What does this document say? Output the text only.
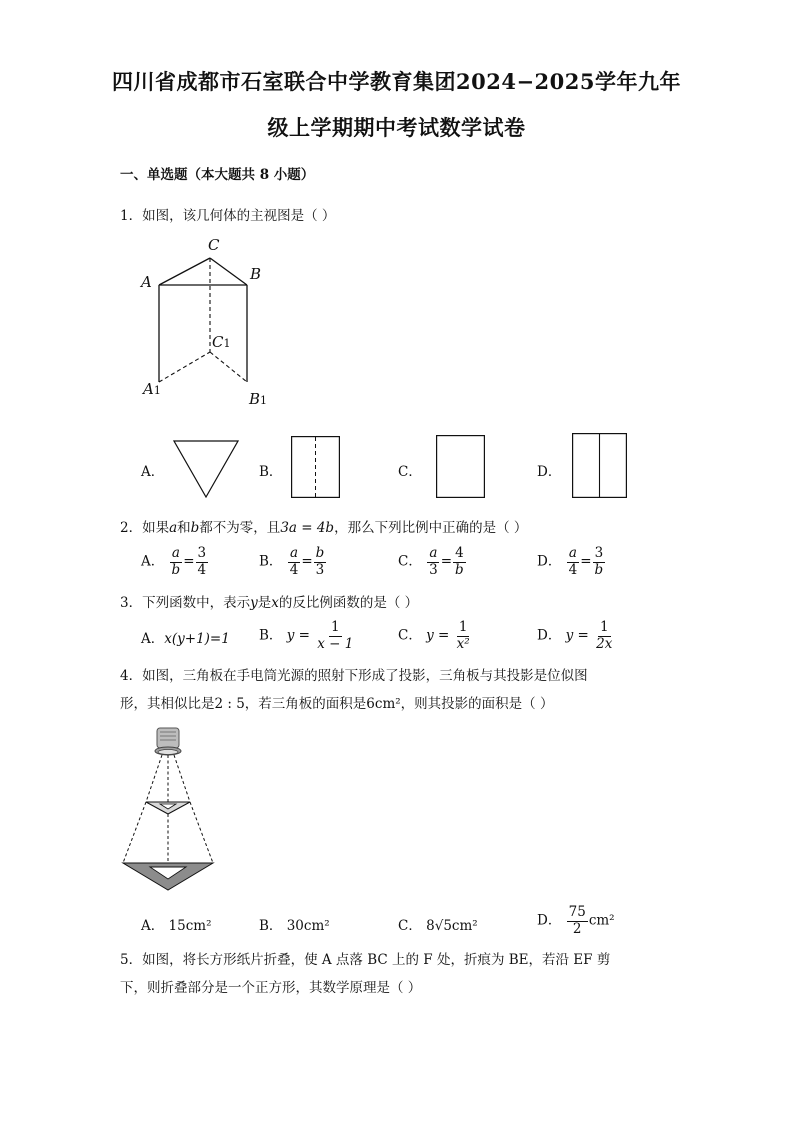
四川省成都市石室联合中学教育集团2024−2025学年九年
级上学期期中考试数学试卷
一、单选题（本大题共 8 小题）
1．如图，该几何体的主视图是（ ）
C
A	B
C1
A1	B1
A．	B．	C．	D．
2．如果a和b都不为零，且3a = 4b，那么下列比例中正确的是（ ）
A． $\frac{a}{b} = \frac{3}{4}$	B． $\frac{a}{4} = \frac{b}{3}$	C． $\frac{a}{3} = \frac{4}{b}$	D． $\frac{a}{4} = \frac{3}{b}$
3．下列函数中，表示y是x的反比例函数的是（ ）
A．x(y+1)=1 B． $y = \frac{1}{x - 1}$	C． $y = \frac{1}{\text{x²}}$	D． $y = \frac{1}{2x}$
4．如图，三角板在手电筒光源的照射下形成了投影，三角板与其投影是位似图
形，其相似比是2 : 5，若三角板的面积是6cm²，则其投影的面积是（ ）
A． 15cm²	B． 30cm²	C． 8√5cm²	D． $\frac{75}{2} cm^2$
5．如图，将长方形纸片折叠，使 A 点落 BC 上的 F 处，折痕为 BE，若沿 EF 剪
下，则折叠部分是一个正方形，其数学原理是（ ）
